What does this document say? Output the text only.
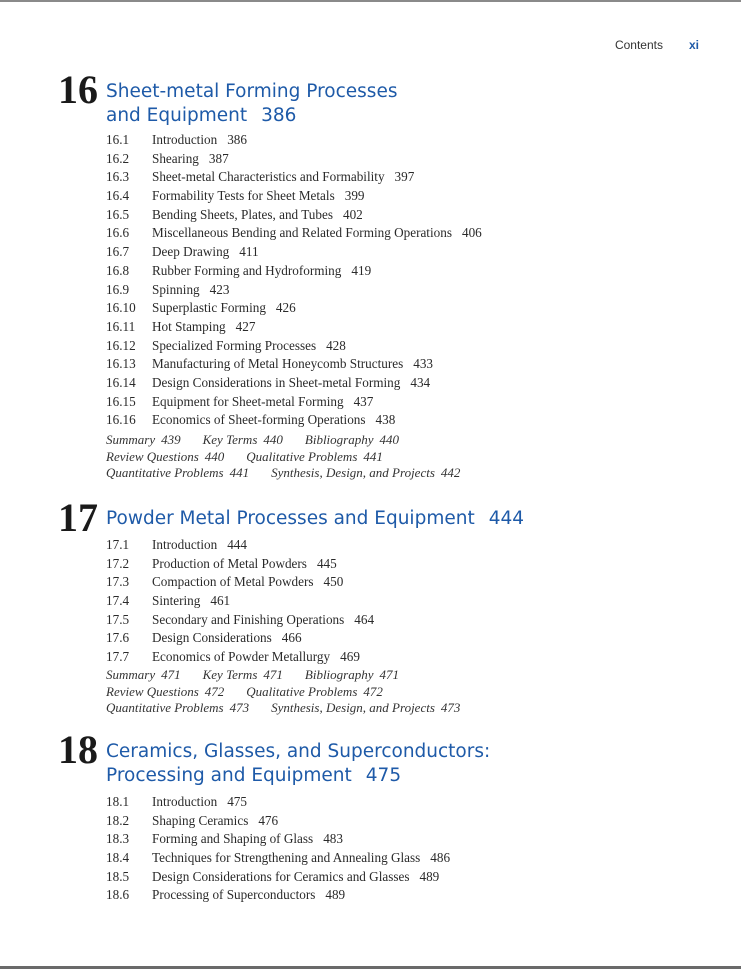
Contents xi
16 Sheet-metal Forming Processes
and Equipment 386
16.1 Introduction 386
16.2 Shearing 387
16.3 Sheet-metal Characteristics and Formability 397
16.4 Formability Tests for Sheet Metals 399
16.5 Bending Sheets, Plates, and Tubes 402
16.6 Miscellaneous Bending and Related Forming Operations 406
16.7 Deep Drawing 411
16.8 Rubber Forming and Hydroforming 419
16.9 Spinning 423
16.10 Superplastic Forming 426
16.11 Hot Stamping 427
16.12 Specialized Forming Processes 428
16.13 Manufacturing of Metal Honeycomb Structures 433
16.14 Design Considerations in Sheet-metal Forming 434
16.15 Equipment for Sheet-metal Forming 437
16.16 Economics of Sheet-forming Operations 438
Summary 439 Key Terms 440 Bibliography 440
Review Questions 440 Qualitative Problems 441
Quantitative Problems 441 Synthesis, Design, and Projects 442
17 Powder Metal Processes and Equipment 444
17.1 Introduction 444
17.2 Production of Metal Powders 445
17.3 Compaction of Metal Powders 450
17.4 Sintering 461
17.5 Secondary and Finishing Operations 464
17.6 Design Considerations 466
17.7 Economics of Powder Metallurgy 469
Summary 471 Key Terms 471 Bibliography 471
Review Questions 472 Qualitative Problems 472
Quantitative Problems 473 Synthesis, Design, and Projects 473
18 Ceramics, Glasses, and Superconductors:
Processing and Equipment 475
18.1 Introduction 475
18.2 Shaping Ceramics 476
18.3 Forming and Shaping of Glass 483
18.4 Techniques for Strengthening and Annealing Glass 486
18.5 Design Considerations for Ceramics and Glasses 489
18.6 Processing of Superconductors 489
